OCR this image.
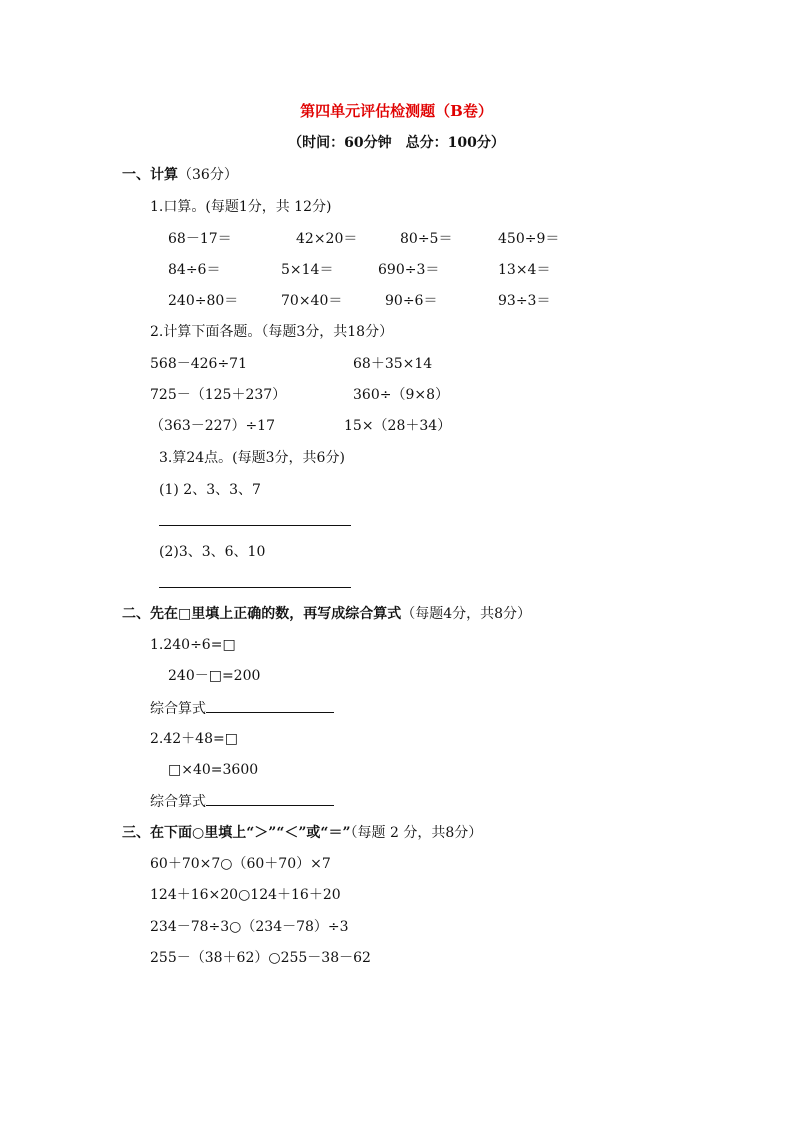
第四单元评估检测题（B卷）
（时间：60分钟　总分：100分）
一、计算（36分）
1.口算。(每题1分，共 12分)
68－17＝	42×20＝	80÷5＝	450÷9＝
84÷6＝	5×14＝	690÷3＝	13×4＝
240÷80＝	70×40＝	90÷6＝	93÷3＝
2.计算下面各题。（每题3分，共18分）
568－426÷71	68＋35×14
725－（125＋237）	360÷（9×8）
（363－227）÷17	15×（28＋34）
3.算24点。(每题3分，共6分)
(1) 2、3、3、7
(2)3、3、6、10
二、先在□里填上正确的数，再写成综合算式（每题4分，共8分）
1.240÷6=□
240－□=200
综合算式
2.42＋48=□
□×40=3600
综合算式
三、在下面○里填上“＞”“＜”或“＝”（每题 2 分，共8分）
60＋70×7○（60＋70）×7
124＋16×20○124＋16＋20
234－78÷3○（234－78）÷3
255－（38＋62）○255－38－62
